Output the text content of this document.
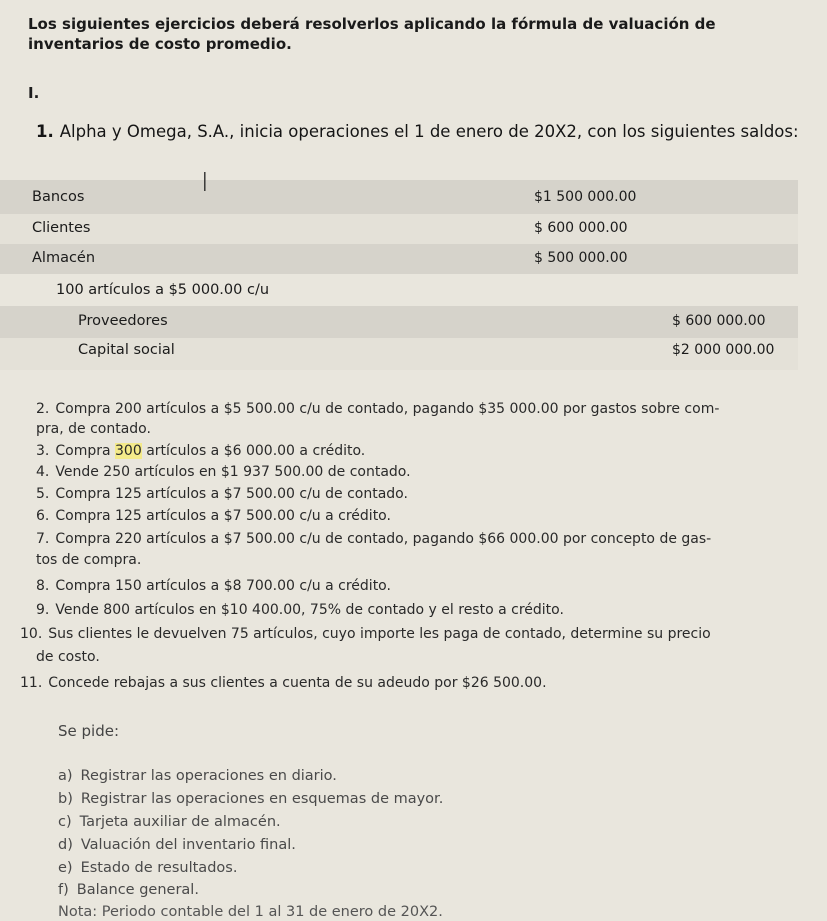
Los siguientes ejercicios deberá resolverlos aplicando la fórmula de valuación de inventarios de costo promedio.
I.
1. Alpha y Omega, S.A., inicia operaciones el 1 de enero de 20X2, con los siguientes saldos:
Bancos	$1 500 000.00
Clientes	$ 600 000.00
Almacén	$ 500 000.00
100 artículos a $5 000.00 c/u
Proveedores	$ 600 000.00
Capital social	$2 000 000.00
I
2. Compra 200 artículos a $5 500.00 c/u de contado, pagando $35 000.00 por gastos sobre com-
pra, de contado.
3. Compra 300 artículos a $6 000.00 a crédito.
4. Vende 250 artículos en $1 937 500.00 de contado.
5. Compra 125 artículos a $7 500.00 c/u de contado.
6. Compra 125 artículos a $7 500.00 c/u a crédito.
7. Compra 220 artículos a $7 500.00 c/u de contado, pagando $66 000.00 por concepto de gas-
tos de compra.
8. Compra 150 artículos a $8 700.00 c/u a crédito.
9. Vende 800 artículos en $10 400.00, 75% de contado y el resto a crédito.
10. Sus clientes le devuelven 75 artículos, cuyo importe les paga de contado, determine su precio
de costo.
11. Concede rebajas a sus clientes a cuenta de su adeudo por $26 500.00.
Se pide:
a) Registrar las operaciones en diario.
b) Registrar las operaciones en esquemas de mayor.
c) Tarjeta auxiliar de almacén.
d) Valuación del inventario final.
e) Estado de resultados.
f) Balance general.
Nota: Periodo contable del 1 al 31 de enero de 20X2.
